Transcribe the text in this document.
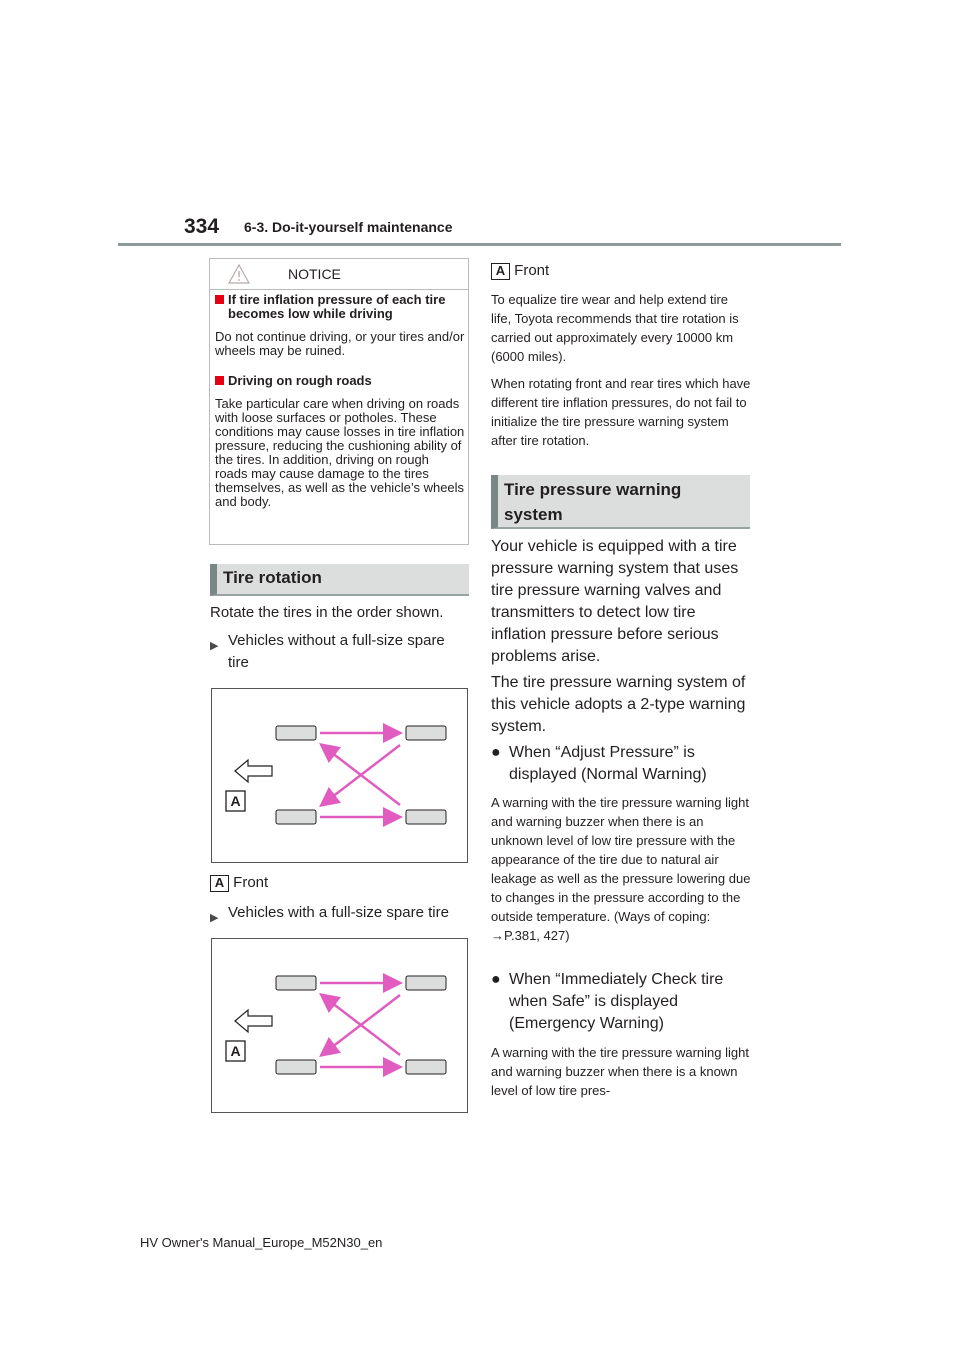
334 6-3. Do-it-yourself maintenance
NOTICE
If tire inflation pressure of each tire becomes low while driving
Do not continue driving, or your tires and/or wheels may be ruined.
Driving on rough roads
Take particular care when driving on roads with loose surfaces or potholes. These conditions may cause losses in tire inflation pressure, reducing the cushioning ability of the tires. In addition, driving on rough roads may cause damage to the tires themselves, as well as the vehicle’s wheels and body.
Tire rotation
Rotate the tires in the order shown.
▶ Vehicles without a full-size spare tire
A
A Front
▶ Vehicles with a full-size spare tire
A
A Front
To equalize tire wear and help extend tire life, Toyota recommends that tire rotation is carried out approximately every 10000 km (6000 miles).
When rotating front and rear tires which have different tire inflation pressures, do not fail to initialize the tire pressure warning system after tire rotation.
Tire pressure warning system
Your vehicle is equipped with a tire pressure warning system that uses tire pressure warning valves and transmitters to detect low tire inflation pressure before serious problems arise.
The tire pressure warning system of this vehicle adopts a 2-type warning system.
● When “Adjust Pressure” is displayed (Normal Warning)
A warning with the tire pressure warning light and warning buzzer when there is an unknown level of low tire pressure with the appearance of the tire due to natural air leakage as well as the pressure lowering due to changes in the pressure according to the outside temperature. (Ways of coping: →P.381, 427)
● When “Immediately Check tire when Safe” is displayed (Emergency Warning)
A warning with the tire pressure warning light and warning buzzer when there is a known level of low tire pres-
HV Owner's Manual_Europe_M52N30_en
